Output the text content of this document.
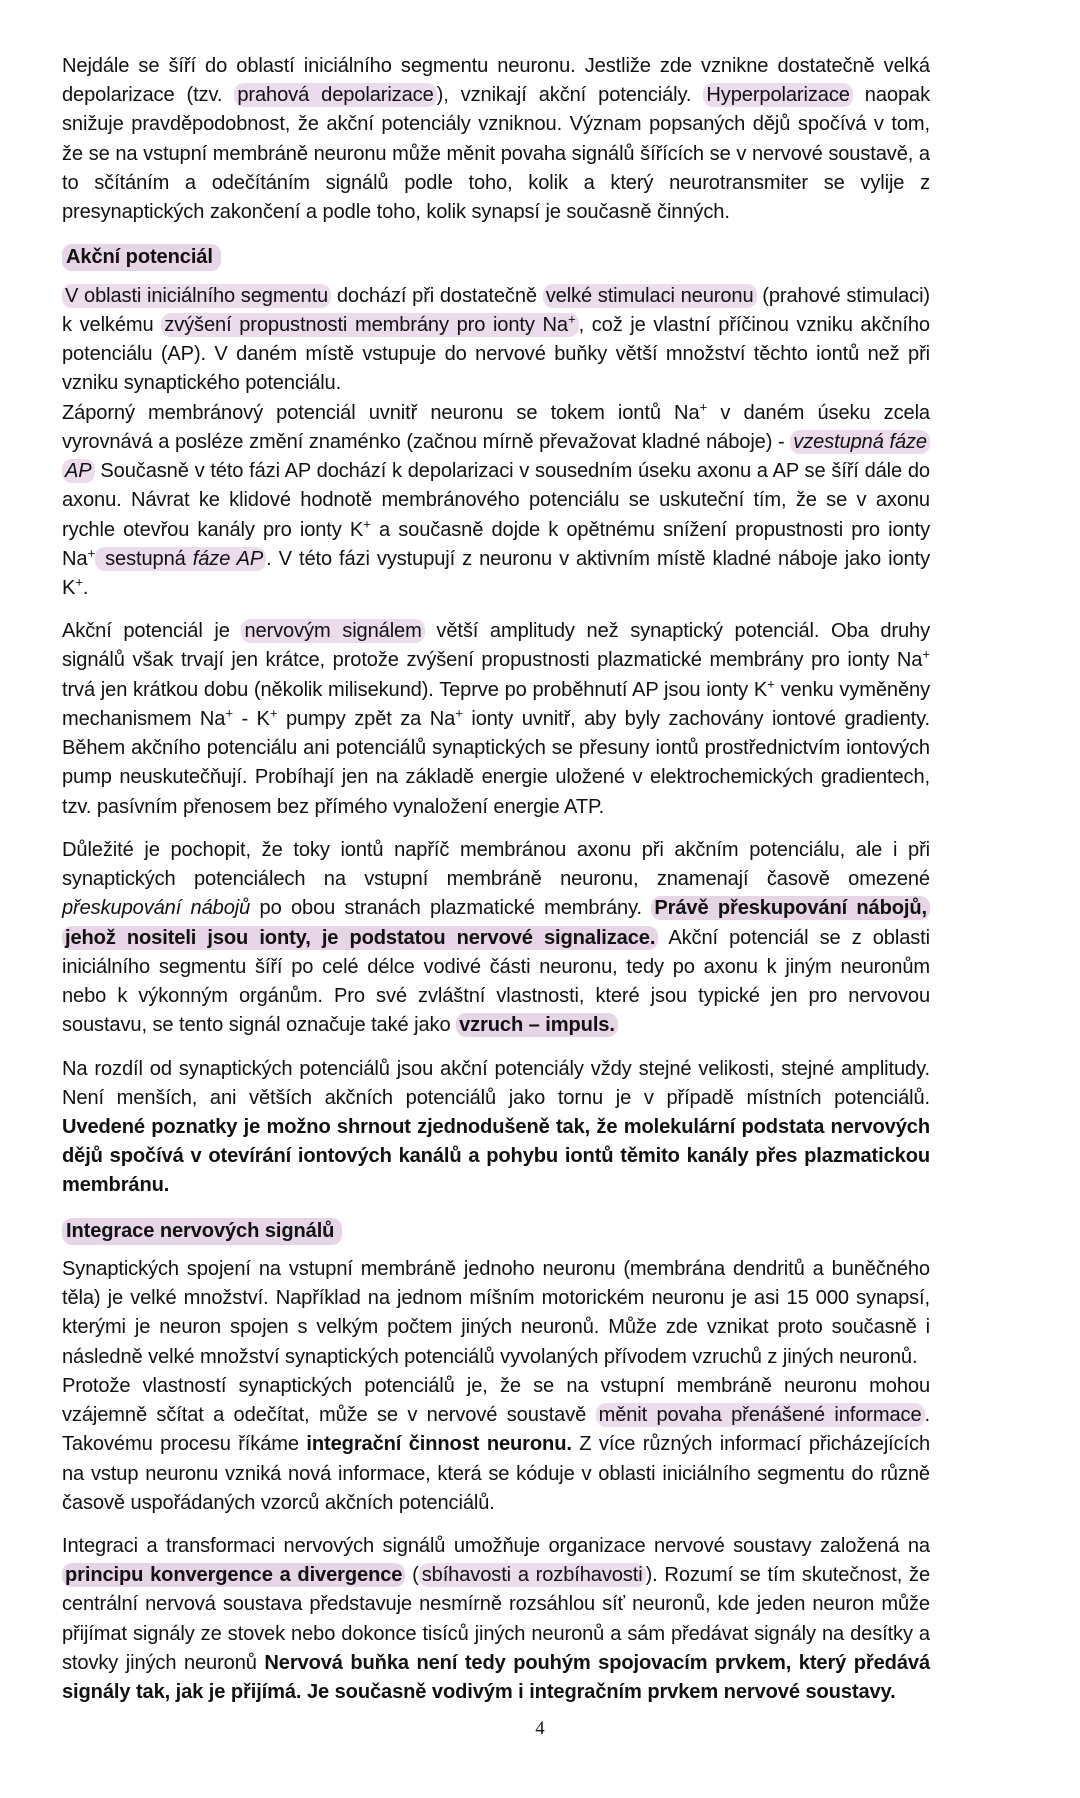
Nejdále se šíří do oblastí iniciálního segmentu neuronu. Jestliže zde vznikne dostatečně velká depolarizace (tzv. prahová depolarizace ), vznikají akční potenciály. Hyperpolarizace naopak snižuje pravděpodobnost, že akční potenciály vzniknou. Význam popsaných dějů spočívá v tom, že se na vstupní membráně neuronu může měnit povaha signálů šířících se v nervové soustavě, a to sčítáním a odečítáním signálů podle toho, kolik a který neurotransmiter se vylije z presynaptických zakončení a podle toho, kolik synapsí je současně činných.

Akční potenciál

V oblasti iniciálního segmentu dochází při dostatečně velké stimulaci neuronu (prahové stimulaci) k velkému zvýšení propustnosti membrány pro ionty Na+ , což je vlastní příčinou vzniku akčního potenciálu (AP). V daném místě vstupuje do nervové buňky větší množství těchto iontů než při vzniku synaptického potenciálu.

Záporný membránový potenciál uvnitř neuronu se tokem iontů Na+ v daném úseku zcela vyrovnává a posléze změní znaménko (začnou mírně převažovat kladné náboje) - vzestupná fáze AP Současně v této fázi AP dochází k depolarizaci v sousedním úseku axonu a AP se šíří dále do axonu. Návrat ke klidové hodnotě membránového potenciálu se uskuteční tím, že se v axonu rychle otevřou kanály pro ionty K+ a současně dojde k opětnému snížení propustnosti pro ionty Na+ sestupná fáze AP . V této fázi vystupují z neuronu v aktivním místě kladné náboje jako ionty K+.

Akční potenciál je nervovým signálem větší amplitudy než synaptický potenciál. Oba druhy signálů však trvají jen krátce, protože zvýšení propustnosti plazmatické membrány pro ionty Na+ trvá jen krátkou dobu (několik milisekund). Teprve po proběhnutí AP jsou ionty K+ venku vyměněny mechanismem Na+ - K+ pumpy zpět za Na+ ionty uvnitř, aby byly zachovány iontové gradienty. Během akčního potenciálu ani potenciálů synaptických se přesuny iontů prostřednictvím iontových pump neuskutečňují. Probíhají jen na základě energie uložené v elektrochemických gradientech, tzv. pasívním přenosem bez přímého vynaložení energie ATP.

Důležité je pochopit, že toky iontů napříč membránou axonu při akčním potenciálu, ale i při synaptických potenciálech na vstupní membráně neuronu, znamenají časově omezené přeskupování nábojů po obou stranách plazmatické membrány. Právě přeskupování nábojů, jehož nositeli jsou ionty, je podstatou nervové signalizace. Akční potenciál se z oblasti iniciálního segmentu šíří po celé délce vodivé části neuronu, tedy po axonu k jiným neuronům nebo k výkonným orgánům. Pro své zvláštní vlastnosti, které jsou typické jen pro nervovou soustavu, se tento signál označuje také jako vzruch – impuls.

Na rozdíl od synaptických potenciálů jsou akční potenciály vždy stejné velikosti, stejné amplitudy. Není menších, ani větších akčních potenciálů jako tornu je v případě místních potenciálů. Uvedené poznatky je možno shrnout zjednodušeně tak, že molekulární podstata nervových dějů spočívá v otevírání iontových kanálů a pohybu iontů těmito kanály přes plazmatickou membránu.

Integrace nervových signálů

Synaptických spojení na vstupní membráně jednoho neuronu (membrána dendritů a buněčného těla) je velké množství. Například na jednom míšním motorickém neuronu je asi 15 000 synapsí, kterými je neuron spojen s velkým počtem jiných neuronů. Může zde vznikat proto současně i následně velké množství synaptických potenciálů vyvolaných přívodem vzruchů z jiných neuronů.

Protože vlastností synaptických potenciálů je, že se na vstupní membráně neuronu mohou vzájemně sčítat a odečítat, může se v nervové soustavě měnit povaha přenášené informace . Takovému procesu říkáme integrační činnost neuronu. Z více různých informací přicházejících na vstup neuronu vzniká nová informace, která se kóduje v oblasti iniciálního segmentu do různě časově uspořádaných vzorců akčních potenciálů.

Integraci a transformaci nervových signálů umožňuje organizace nervové soustavy založená na principu konvergence a divergence ( sbíhavosti a rozbíhavosti ). Rozumí se tím skutečnost, že centrální nervová soustava představuje nesmírně rozsáhlou síť neuronů, kde jeden neuron může přijímat signály ze stovek nebo dokonce tisíců jiných neuronů a sám předávat signály na desítky a stovky jiných neuronů Nervová buňka není tedy pouhým spojovacím prvkem, který předává signály tak, jak je přijímá. Je současně vodivým i integračním prvkem nervové soustavy.

4
